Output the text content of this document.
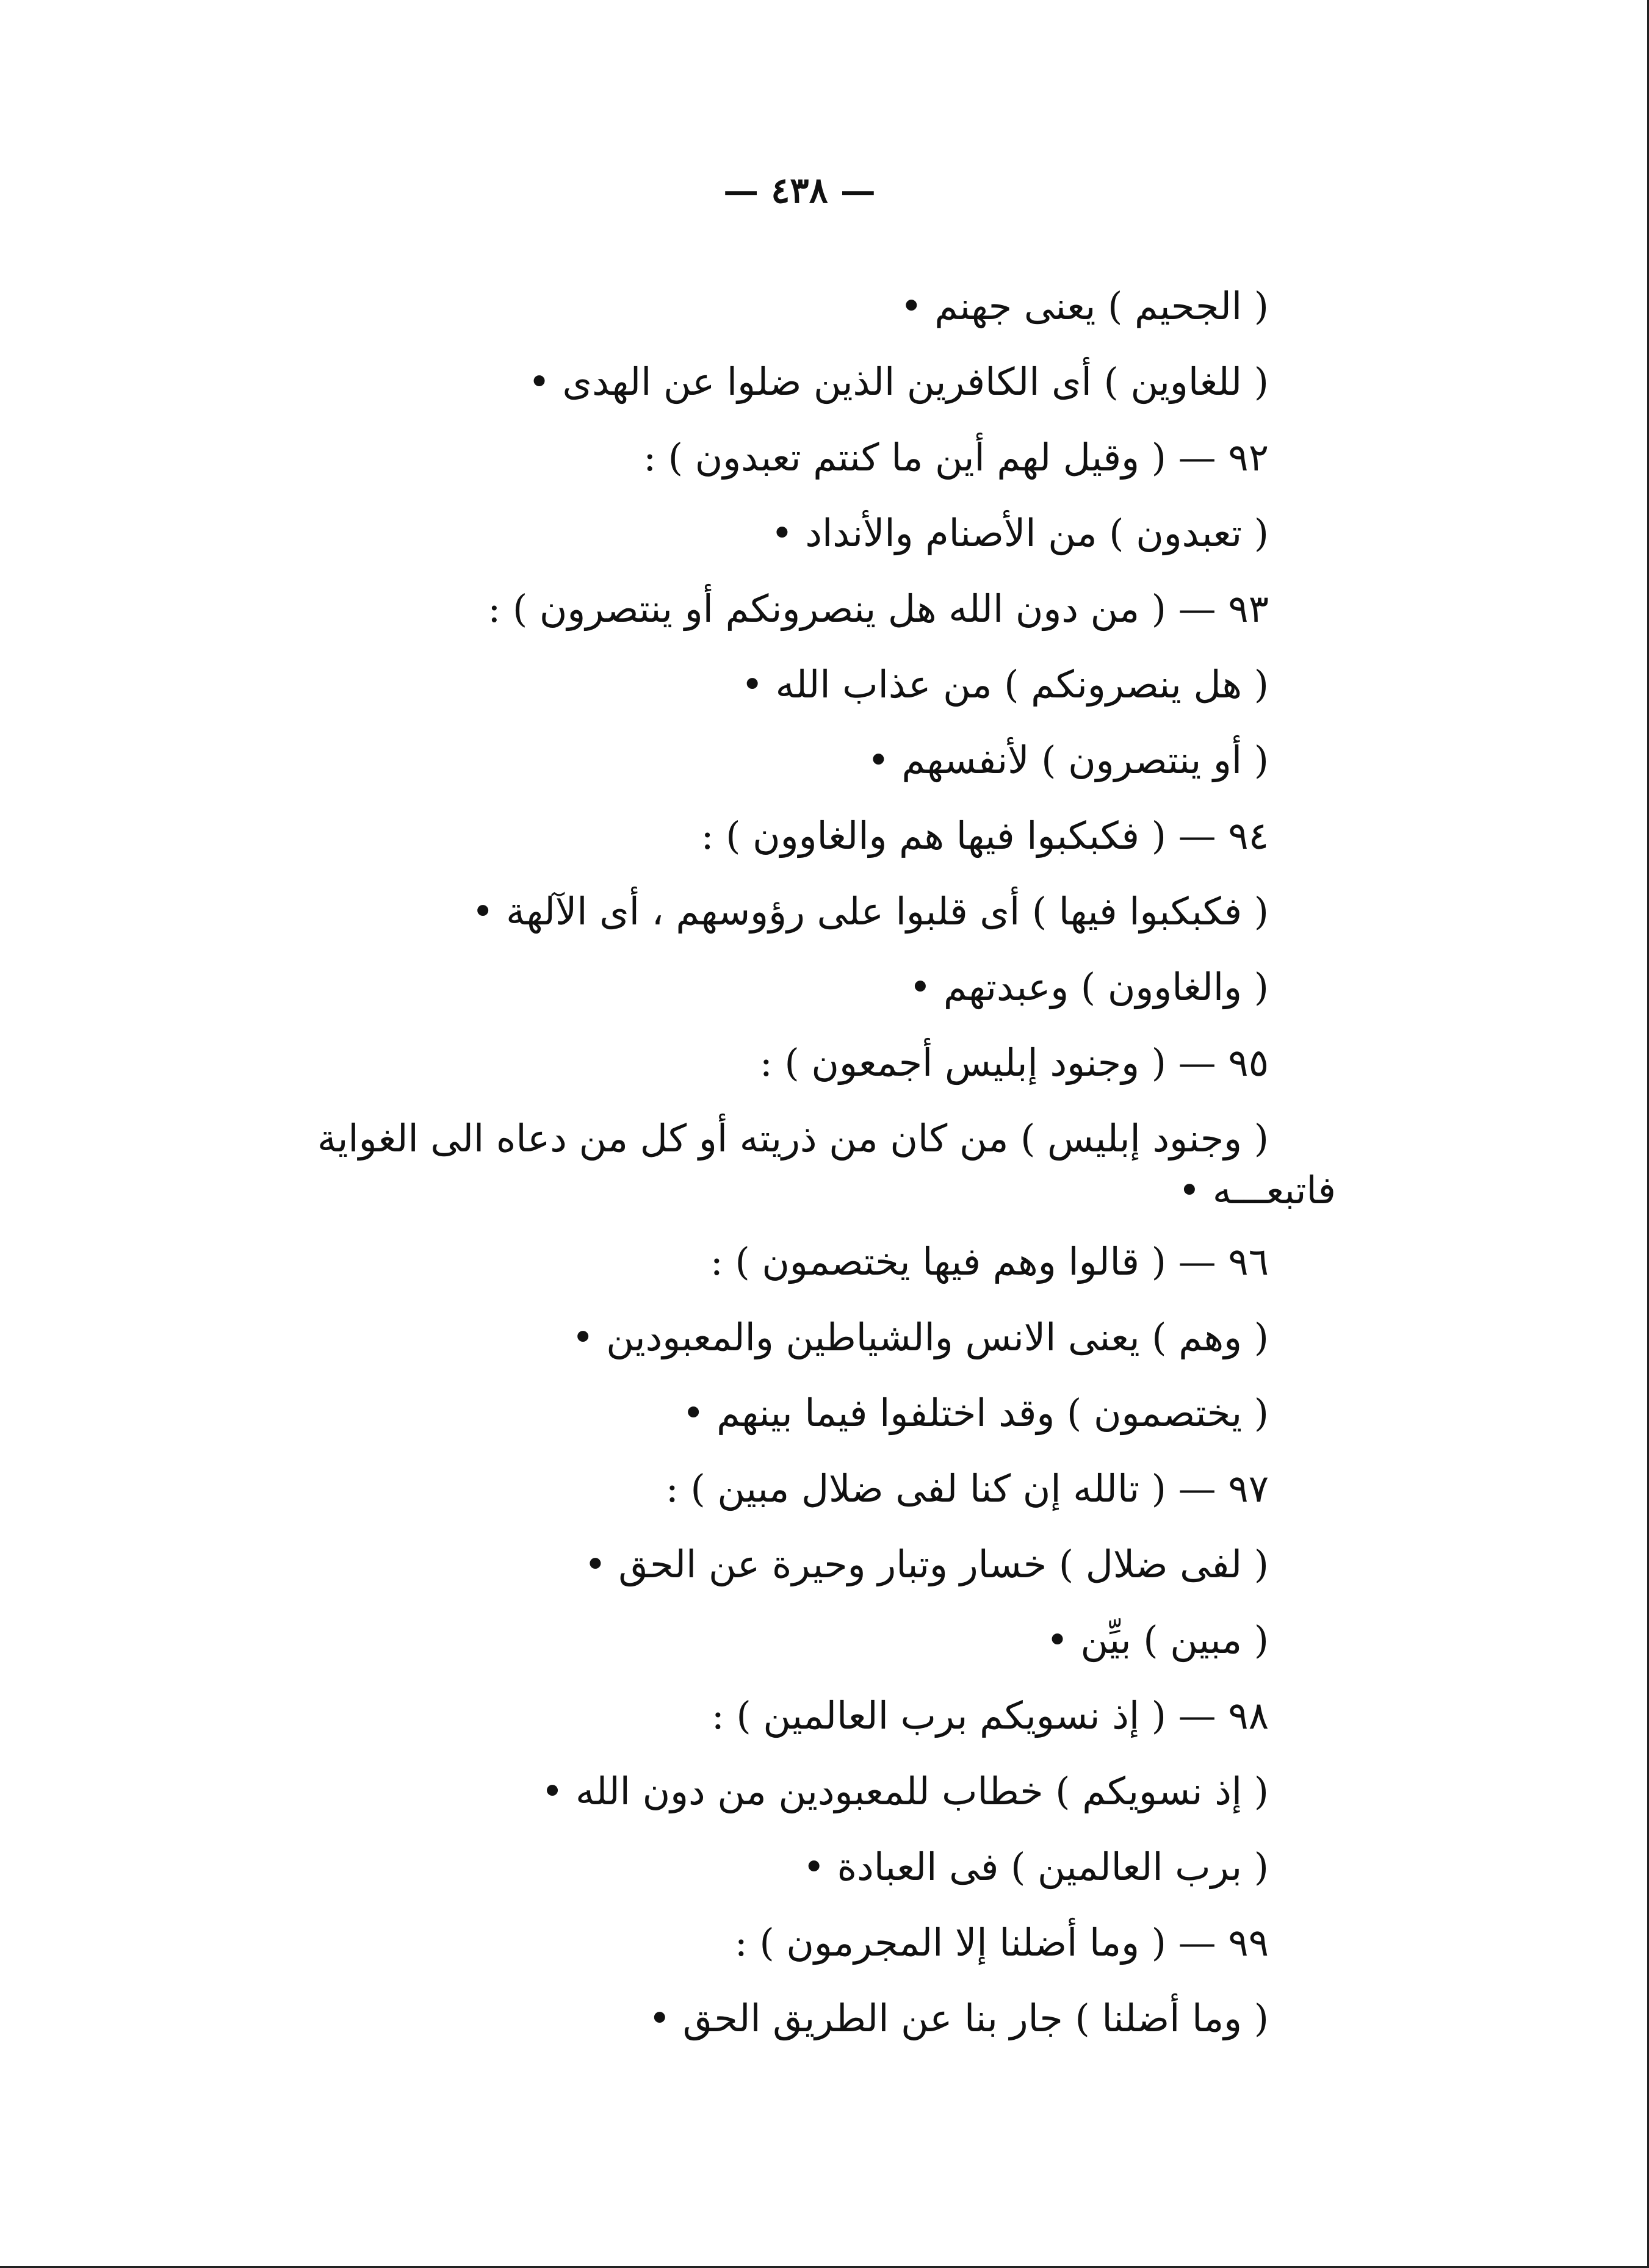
— ٤٣٨ —
( الجحيم ) يعنى جهنم •
( للغاوين ) أى الكافرين الذين ضلوا عن الهدى •
٩٢ — ( وقيل لهم أين ما كنتم تعبدون ) :
( تعبدون ) من الأصنام والأنداد •
٩٣ — ( من دون الله هل ينصرونكم أو ينتصرون ) :
( هل ينصرونكم ) من عذاب الله •
( أو ينتصرون ) لأنفسهم •
٩٤ — ( فكبكبوا فيها هم والغاوون ) :
( فكبكبوا فيها ) أى قلبوا على رؤوسهم ، أى الآلهة •
( والغاوون ) وعبدتهم •
٩٥ — ( وجنود إبليس أجمعون ) :
( وجنود إبليس ) من كان من ذريته أو كل من دعاه الى الغواية
فاتبعـــه •
٩٦ — ( قالوا وهم فيها يختصمون ) :
( وهم ) يعنى الانس والشياطين والمعبودين •
( يختصمون ) وقد اختلفوا فيما بينهم •
٩٧ — ( تالله إن كنا لفى ضلال مبين ) :
( لفى ضلال ) خسار وتبار وحيرة عن الحق •
( مبين ) بيِّن •
٩٨ — ( إذ نسويكم برب العالمين ) :
( إذ نسويكم ) خطاب للمعبودين من دون الله •
( برب العالمين ) فى العبادة •
٩٩ — ( وما أضلنا إلا المجرمون ) :
( وما أضلنا ) جار بنا عن الطريق الحق •
